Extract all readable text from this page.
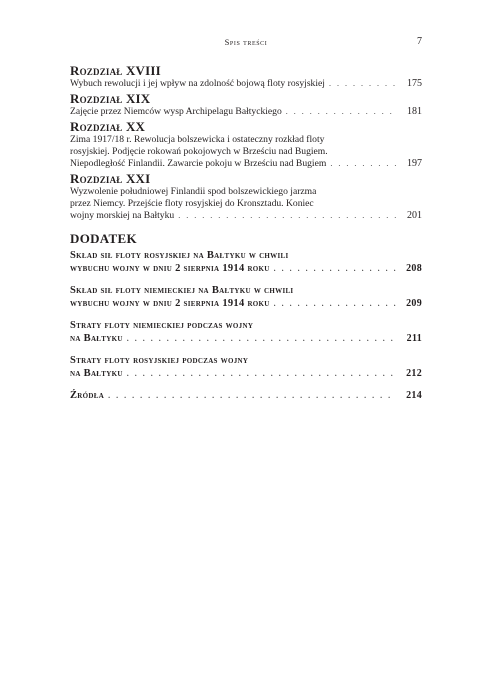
Spis treści	7
Rozdział XVIII
Wybuch rewolucji i jej wpływ na zdolność bojową floty rosyjskiej . . .	175
Rozdział XIX
Zajęcie przez Niemców wysp Archipelagu Bałtyckiego . . .	181
Rozdział XX
Zima 1917/18 r. Rewolucja bolszewicka i ostateczny rozkład floty
rosyjskiej. Podjęcie rokowań pokojowych w Brześciu nad Bugiem.
Niepodległość Finlandii. Zawarcie pokoju w Brześciu nad Bugiem . . .	197
Rozdział XXI
Wyzwolenie południowej Finlandii spod bolszewickiego jarzma
przez Niemcy. Przejście floty rosyjskiej do Kronsztadu. Koniec
wojny morskiej na Bałtyku . . .	201
DODATEK
Skład sił floty rosyjskiej na Bałtyku w chwili
wybuchu wojny w dniu 2 sierpnia 1914 roku . . .	208
Skład sił floty niemieckiej na Bałtyku w chwili
wybuchu wojny w dniu 2 sierpnia 1914 roku . . .	209
Straty floty niemieckiej podczas wojny
na Bałtyku . . .	211
Straty floty rosyjskiej podczas wojny
na Bałtyku . . .	212
Źródła . . .	214
